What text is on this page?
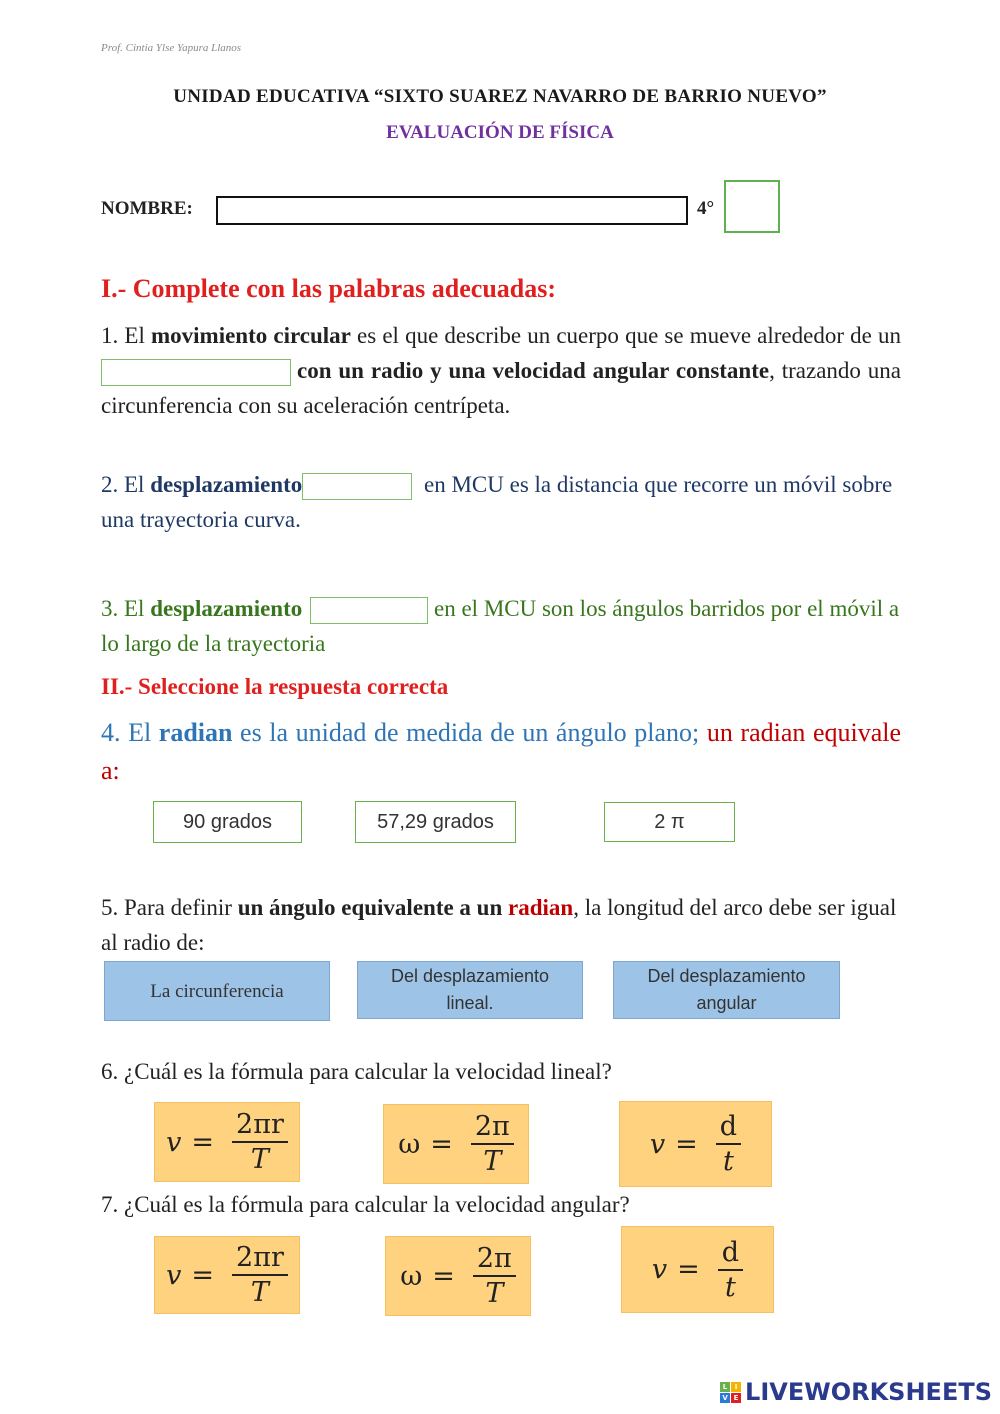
Prof. Cintia Ylse Yapura Llanos
UNIDAD EDUCATIVA “SIXTO SUAREZ NAVARRO DE BARRIO NUEVO”
EVALUACIÓN DE FÍSICA
NOMBRE:	4°
I.- Complete con las palabras adecuadas:
1. El movimiento circular es el que describe un cuerpo que se mueve alrededor de un con un radio y una velocidad angular constante, trazando una circunferencia con su aceleración centrípeta.
2. El desplazamiento	en MCU es la distancia que recorre un móvil sobre una trayectoria curva.
3. El desplazamiento	en el MCU son los ángulos barridos por el móvil a lo largo de la trayectoria
II.- Seleccione la respuesta correcta
4. El radian es la unidad de medida de un ángulo plano; un radian equivale a:
90 grados	57,29 grados	2 π
5. Para definir un ángulo equivalente a un radian, la longitud del arco debe ser igual al radio de:
La circunferencia
Del desplazamiento lineal.
Del desplazamiento angular
6. ¿Cuál es la fórmula para calcular la velocidad lineal?
$v = \frac{2\pi r}{T}$	$\omega = \frac{2\pi}{T}$	$v = \frac{d}{t}$
7. ¿Cuál es la fórmula para calcular la velocidad angular?
$v = \frac{2\pi r}{T}$	$\omega = \frac{2\pi}{T}$	$v = \frac{d}{t}$
L	I
V E LIVEWORKSHEETS
